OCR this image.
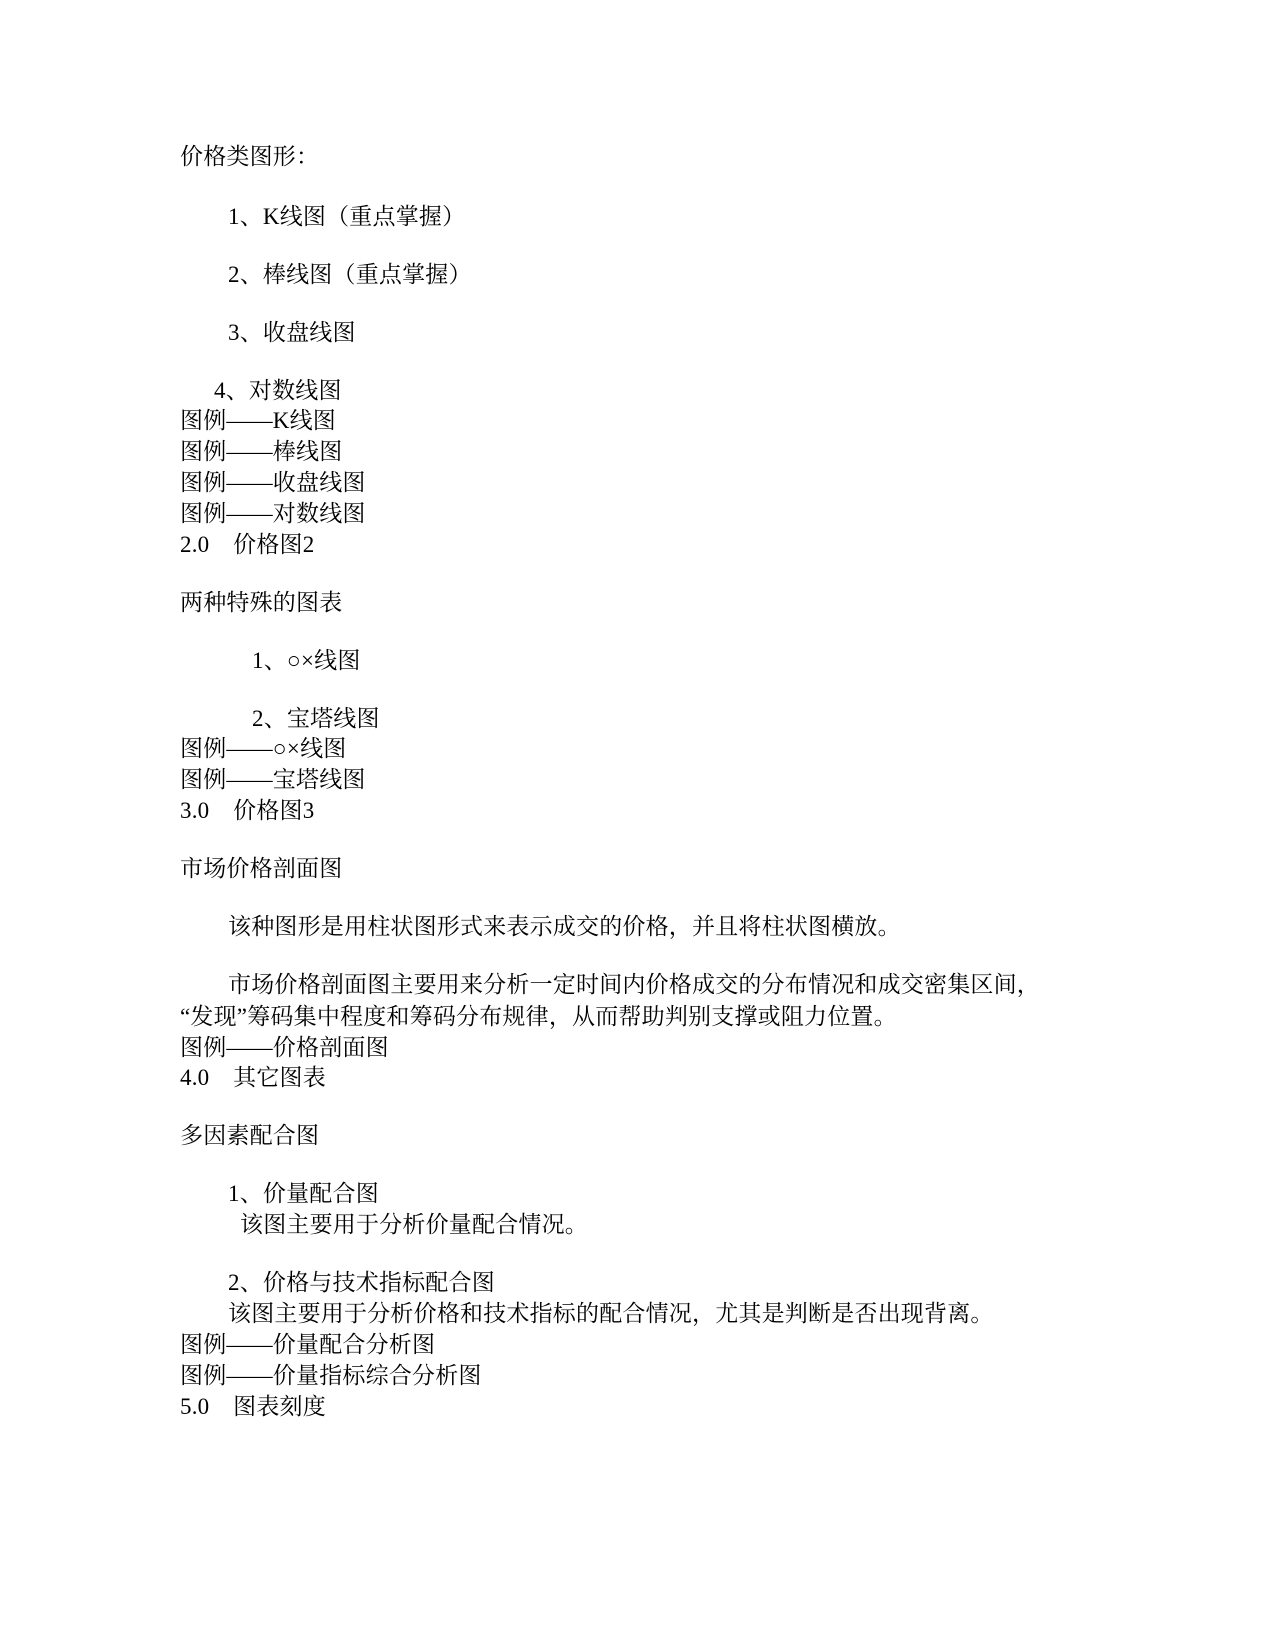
价格类图形：
1、K线图（重点掌握）
2、棒线图（重点掌握）
3、收盘线图
4、对数线图
图例——K线图
图例——棒线图
图例——收盘线图
图例——对数线图
2.0    价格图2
两种特殊的图表
1、○×线图
2、宝塔线图
图例——○×线图
图例——宝塔线图
3.0    价格图3
市场价格剖面图
该种图形是用柱状图形式来表示成交的价格，并且将柱状图横放。
市场价格剖面图主要用来分析一定时间内价格成交的分布情况和成交密集区间，
“发现”筹码集中程度和筹码分布规律，从而帮助判别支撑或阻力位置。
图例——价格剖面图
4.0    其它图表
多因素配合图
1、价量配合图
该图主要用于分析价量配合情况。
2、价格与技术指标配合图
该图主要用于分析价格和技术指标的配合情况，尤其是判断是否出现背离。
图例——价量配合分析图
图例——价量指标综合分析图
5.0    图表刻度
